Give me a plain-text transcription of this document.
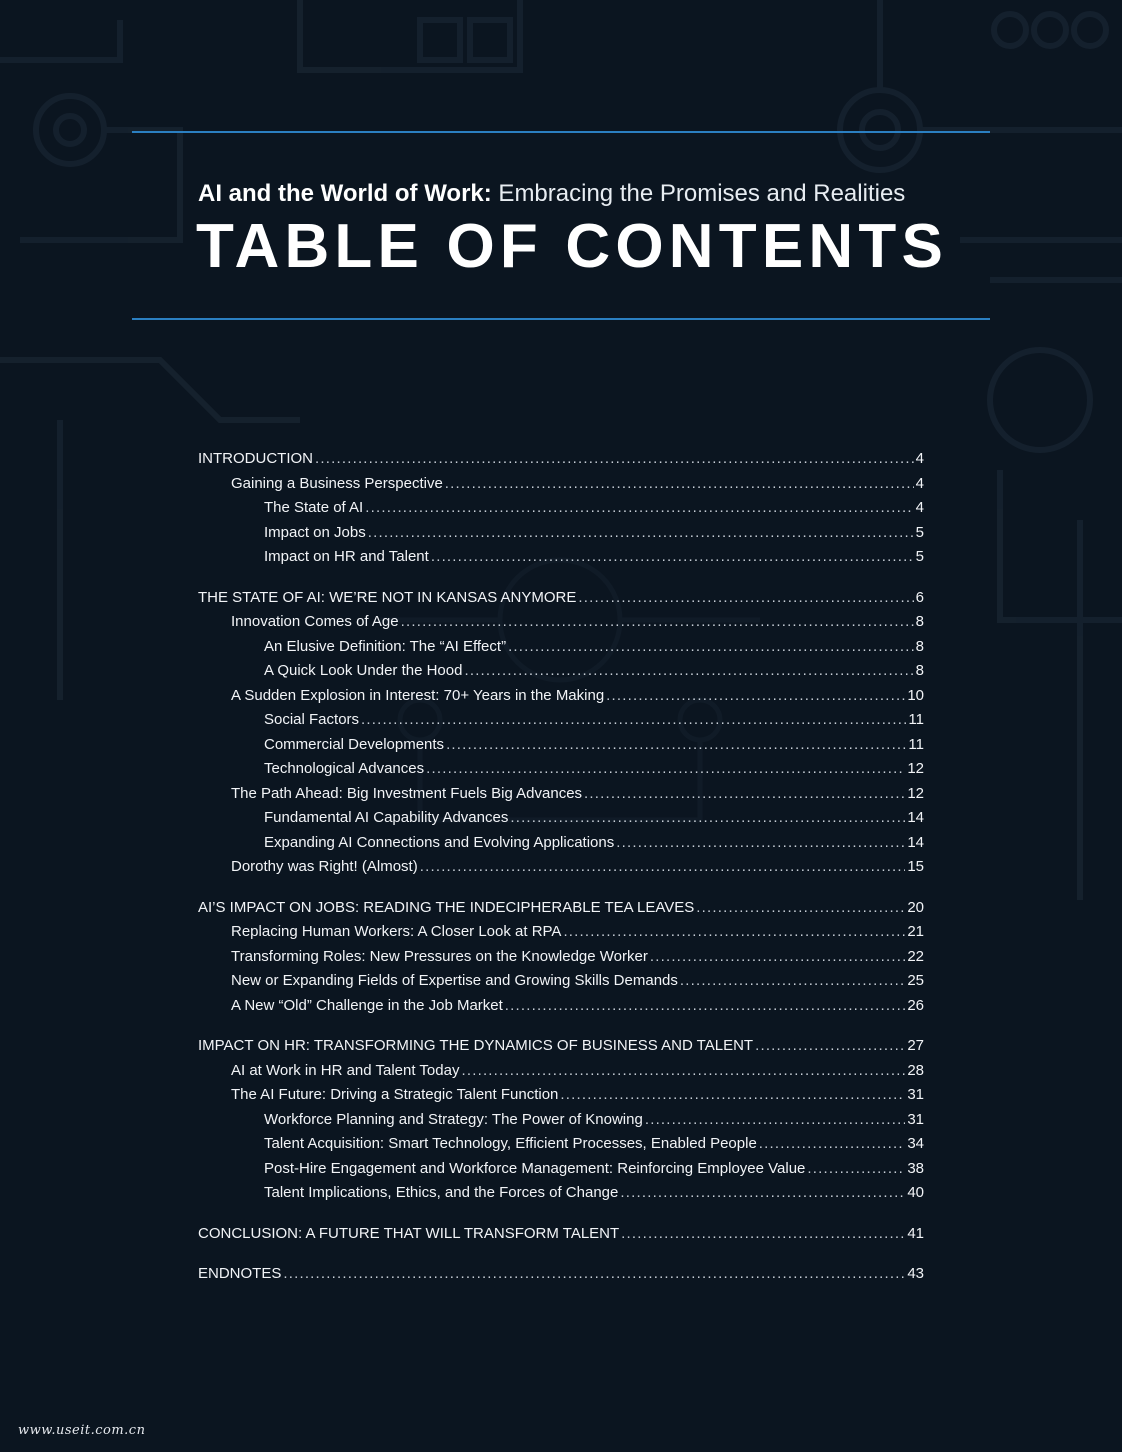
AI and the World of Work: Embracing the Promises and Realities
TABLE OF CONTENTS
INTRODUCTION .....	4
Gaining a Business Perspective .....	4
The State of AI .....	4
Impact on Jobs .....	5
Impact on HR and Talent .....	5
THE STATE OF AI: WE’RE NOT IN KANSAS ANYMORE .....	6
Innovation Comes of Age .....	8
An Elusive Definition: The “AI Effect” .....	8
A Quick Look Under the Hood .....	8
A Sudden Explosion in Interest: 70+ Years in the Making .....	10
Social Factors .....	11
Commercial Developments .....	11
Technological Advances .....	12
The Path Ahead: Big Investment Fuels Big Advances .....	12
Fundamental AI Capability Advances .....	14
Expanding AI Connections and Evolving Applications .....	14
Dorothy was Right! (Almost) .....	15
AI’S IMPACT ON JOBS: READING THE INDECIPHERABLE TEA LEAVES .....	20
Replacing Human Workers: A Closer Look at RPA .....	21
Transforming Roles: New Pressures on the Knowledge Worker .....	22
New or Expanding Fields of Expertise and Growing Skills Demands .....	25
A New “Old” Challenge in the Job Market .....	26
IMPACT ON HR: TRANSFORMING THE DYNAMICS OF BUSINESS AND TALENT .....	27
AI at Work in HR and Talent Today .....	28
The AI Future: Driving a Strategic Talent Function .....	31
Workforce Planning and Strategy: The Power of Knowing .....	31
Talent Acquisition: Smart Technology, Efficient Processes, Enabled People .....	34
Post-Hire Engagement and Workforce Management: Reinforcing Employee Value .....	38
Talent Implications, Ethics, and the Forces of Change .....	40
CONCLUSION: A FUTURE THAT WILL TRANSFORM TALENT .....	41
ENDNOTES .....	43
www.useit.com.cn
